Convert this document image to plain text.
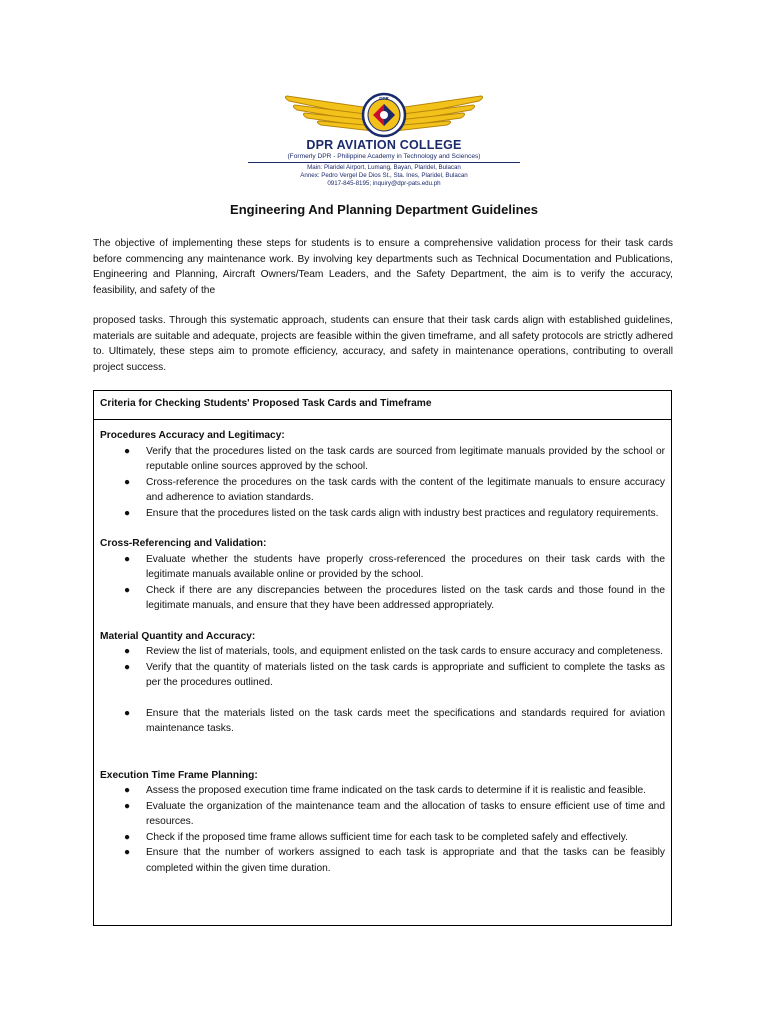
DPR
DPR AVIATION COLLEGE
(Formerly DPR - Philippine Academy in Technology and Sciences)
Main: Plaridel Airport, Lumang, Bayan, Plaridel, Bulacan
Annex: Pedro Vergel De Dios St., Sta. Ines, Plaridel, Bulacan
0917-845-8195; inquiry@dpr-pats.edu.ph
Engineering And Planning Department Guidelines
The objective of implementing these steps for students is to ensure a comprehensive validation process for their task cards before commencing any maintenance work. By involving key departments such as Technical Documentation and Publications, Engineering and Planning, Aircraft Owners/Team Leaders, and the Safety Department, the aim is to verify the accuracy, feasibility, and safety of the
proposed tasks. Through this systematic approach, students can ensure that their task cards align with established guidelines, materials are suitable and adequate, projects are feasible within the given timeframe, and all safety protocols are strictly adhered to. Ultimately, these steps aim to promote efficiency, accuracy, and safety in maintenance operations, contributing to overall project success.
Criteria for Checking Students' Proposed Task Cards and Timeframe
Procedures Accuracy and Legitimacy:
● Verify that the procedures listed on the task cards are sourced from legitimate manuals provided by the school or reputable online sources approved by the school.
● Cross-reference the procedures on the task cards with the content of the legitimate manuals to ensure accuracy and adherence to aviation standards.
● Ensure that the procedures listed on the task cards align with industry best practices and regulatory requirements.
Cross-Referencing and Validation:
● Evaluate whether the students have properly cross-referenced the procedures on their task cards with the legitimate manuals available online or provided by the school.
● Check if there are any discrepancies between the procedures listed on the task cards and those found in the legitimate manuals, and ensure that they have been addressed appropriately.
Material Quantity and Accuracy:
● Review the list of materials, tools, and equipment enlisted on the task cards to ensure accuracy and completeness.
● Verify that the quantity of materials listed on the task cards is appropriate and sufficient to complete the tasks as per the procedures outlined.
● Ensure that the materials listed on the task cards meet the specifications and standards required for aviation maintenance tasks.
Execution Time Frame Planning:
● Assess the proposed execution time frame indicated on the task cards to determine if it is realistic and feasible.
● Evaluate the organization of the maintenance team and the allocation of tasks to ensure efficient use of time and resources.
● Check if the proposed time frame allows sufficient time for each task to be completed safely and effectively.
● Ensure that the number of workers assigned to each task is appropriate and that the tasks can be feasibly completed within the given time duration.
